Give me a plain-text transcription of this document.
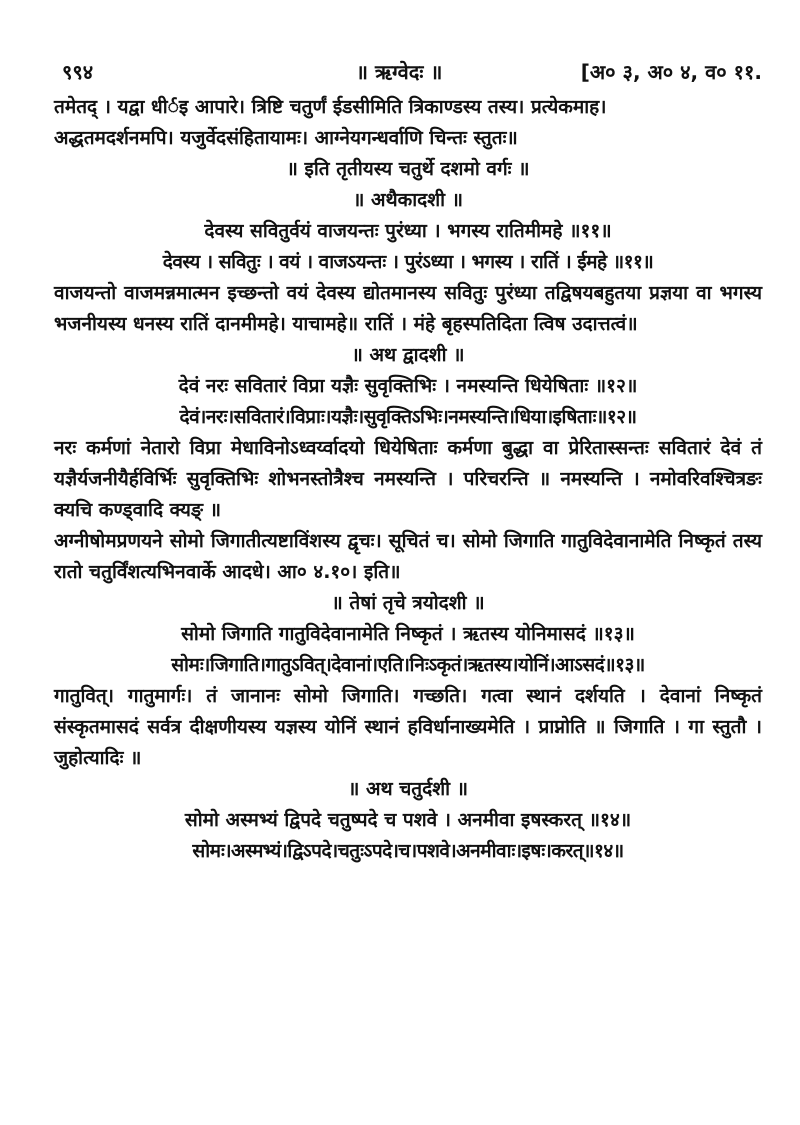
९९४	॥ ऋग्वेदः ॥	[अ० ३, अ० ४, व० ११.

तमेतद् । यद्वा धीर्इ आपारे। त्रिष्टि चतुर्णं ईडसीमिति त्रिकाण्डस्य तस्य। प्रत्येकमाह।

अद्धतमदर्शनमपि। यजुर्वेदसंहितायामः। आग्नेयगन्धर्वाणि चिन्तः स्तुतः॥

॥ इति तृतीयस्य चतुर्थे दशमो वर्गः ॥

॥ अथैकादशी ॥

देवस्य सवितुर्वयं वाजयन्तः पुरंध्या । भगस्य रातिमीमहे ॥११॥

देवस्य । सवितुः । वयं । वाजऽयन्तः । पुरंऽध्या । भगस्य । रातिं । ईमहे ॥११॥

वाजयन्तो वाजमन्नमात्मन इच्छन्तो वयं देवस्य द्योतमानस्य सवितुः पुरंध्या तद्विषयबहुतया प्रज्ञया वा भगस्य भजनीयस्य धनस्य रातिं दानमीमहे। याचामहे॥ रातिं । मंहे बृहस्पतिदिता त्विष उदात्तत्वं॥

॥ अथ द्वादशी ॥

देवं नरः सवितारं विप्रा यज्ञैः सुवृक्तिभिः । नमस्यन्ति धियेषिताः ॥१२॥

देवं।नरः।सवितारं।विप्राः।यज्ञैः।सुवृक्तिऽभिः।नमस्यन्ति।धिया।इषिताः॥१२॥

नरः कर्मणां नेतारो विप्रा मेधाविनोऽध्वर्य्वादयो धियेषिताः कर्मणा बुद्धा वा प्रेरितास्सन्तः सवितारं देवं तं यज्ञैर्यजनीयैर्हविर्भिः सुवृक्तिभिः शोभनस्तोत्रैश्च नमस्यन्ति । परिचरन्ति ॥ नमस्यन्ति । नमोवरिवश्चित्रङः क्यचि कण्ड्वादि क्यङ् ॥

अग्नीषोमप्रणयने सोमो जिगातीत्यष्टाविंशस्य द्वृचः। सूचितं च। सोमो जिगाति गातुविदेवानामेति निष्कृतं तस्य रातो चतुर्विंशत्यभिनवार्के आदधे। आ० ४.१०। इति॥

॥ तेषां तृचे त्रयोदशी ॥

सोमो जिगाति गातुविदेवानामेति निष्कृतं । ऋतस्य योनिमासदं ॥१३॥

सोमः।जिगाति।गातुऽवित्।देवानां।एति।निःऽकृतं।ऋतस्य।योनिं।आऽसदं॥१३॥

गातुवित्। गातुमार्गः। तं जानानः सोमो जिगाति। गच्छति। गत्वा स्थानं दर्शयति । देवानां निष्कृतं संस्कृतमासदं सर्वत्र दीक्षणीयस्य यज्ञस्य योनिं स्थानं हविर्धानाख्यमेति । प्राप्नोति ॥ जिगाति । गा स्तुतौ । जुहोत्यादिः ॥

॥ अथ चतुर्दशी ॥

सोमो अस्मभ्यं द्विपदे चतुष्पदे च पशवे । अनमीवा इषस्करत् ॥१४॥

सोमः।अस्मभ्यं।द्विऽपदे।चतुःऽपदे।च।पशवे।अनमीवाः।इषः।करत्॥१४॥
